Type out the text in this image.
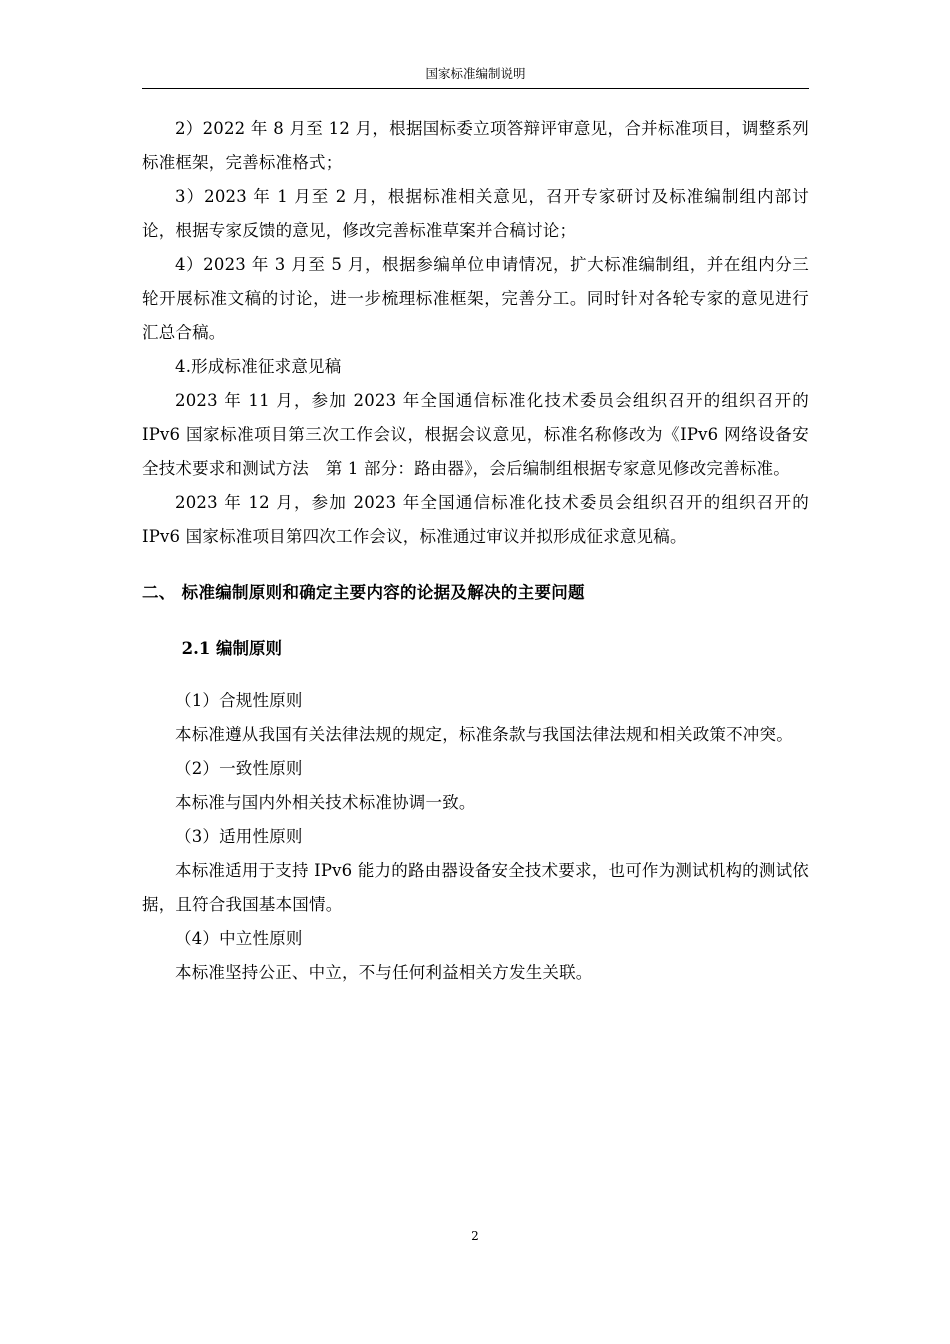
国家标准编制说明

2）2022 年 8 月至 12 月，根据国标委立项答辩评审意见，合并标准项目，调整系列标准框架，完善标准格式；

3）2023 年 1 月至 2 月，根据标准相关意见，召开专家研讨及标准编制组内部讨论，根据专家反馈的意见，修改完善标准草案并合稿讨论；

4）2023 年 3 月至 5 月，根据参编单位申请情况，扩大标准编制组，并在组内分三轮开展标准文稿的讨论，进一步梳理标准框架，完善分工。同时针对各轮专家的意见进行汇总合稿。

4.形成标准征求意见稿

2023 年 11 月，参加 2023 年全国通信标准化技术委员会组织召开的组织召开的 IPv6 国家标准项目第三次工作会议，根据会议意见，标准名称修改为《IPv6 网络设备安全技术要求和测试方法　第 1 部分：路由器》，会后编制组根据专家意见修改完善标准。

2023 年 12 月，参加 2023 年全国通信标准化技术委员会组织召开的组织召开的 IPv6 国家标准项目第四次工作会议，标准通过审议并拟形成征求意见稿。

二、 标准编制原则和确定主要内容的论据及解决的主要问题
2.1 编制原则

（1）合规性原则

本标准遵从我国有关法律法规的规定，标准条款与我国法律法规和相关政策不冲突。

（2）一致性原则

本标准与国内外相关技术标准协调一致。

（3）适用性原则

本标准适用于支持 IPv6 能力的路由器设备安全技术要求，也可作为测试机构的测试依据，且符合我国基本国情。

（4）中立性原则

本标准坚持公正、中立，不与任何利益相关方发生关联。

2
